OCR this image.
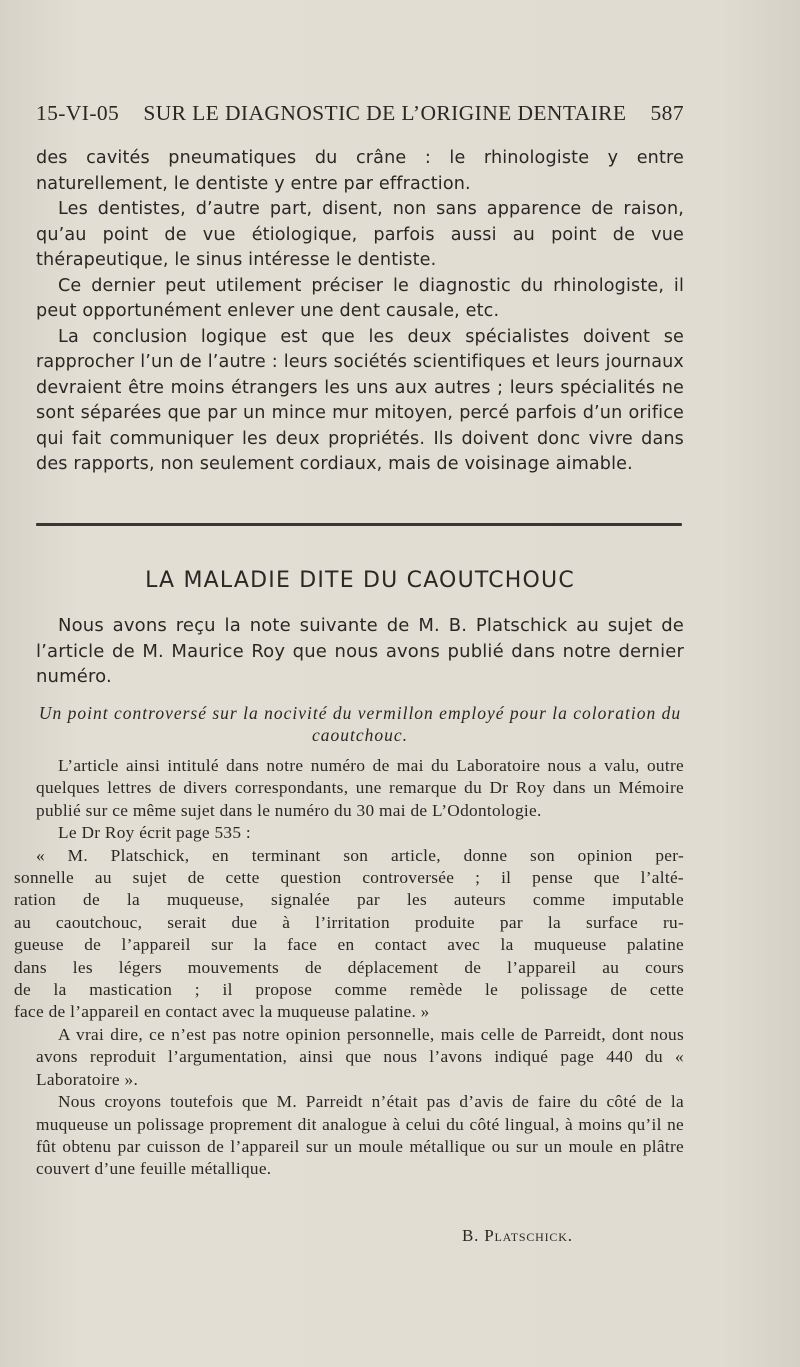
15-VI-05 SUR LE DIAGNOSTIC DE L’ORIGINE DENTAIRE 587

des cavités pneumatiques du crâne : le rhinologiste y entre naturellement, le dentiste y entre par effraction.

Les dentistes, d’autre part, disent, non sans apparence de raison, qu’au point de vue étiologique, parfois aussi au point de vue thérapeutique, le sinus intéresse le dentiste.

Ce dernier peut utilement préciser le diagnostic du rhinologiste, il peut opportunément enlever une dent causale, etc.

La conclusion logique est que les deux spécialistes doivent se rapprocher l’un de l’autre : leurs sociétés scientifiques et leurs journaux devraient être moins étrangers les uns aux autres ; leurs spécialités ne sont séparées que par un mince mur mitoyen, percé parfois d’un orifice qui fait communiquer les deux propriétés. Ils doivent donc vivre dans des rapports, non seulement cordiaux, mais de voisinage aimable.

LA MALADIE DITE DU CAOUTCHOUC

Nous avons reçu la note suivante de M. B. Platschick au sujet de l’article de M. Maurice Roy que nous avons publié dans notre dernier numéro.

Un point controversé sur la nocivité du vermillon employé pour la coloration du caoutchouc.

L’article ainsi intitulé dans notre numéro de mai du Laboratoire nous a valu, outre quelques lettres de divers correspondants, une remarque du Dr Roy dans un Mémoire publié sur ce même sujet dans le numéro du 30 mai de L’Odontologie.

Le Dr Roy écrit page 535 :

« M. Platschick, en terminant son article, donne son opinion per-
» sonnelle au sujet de cette question controversée ; il pense que l’alté-
» ration de la muqueuse, signalée par les auteurs comme imputable
» au caoutchouc, serait due à l’irritation produite par la surface ru-
» gueuse de l’appareil sur la face en contact avec la muqueuse palatine
» dans les légers mouvements de déplacement de l’appareil au cours
» de la mastication ; il propose comme remède le polissage de cette
» face de l’appareil en contact avec la muqueuse palatine. »

A vrai dire, ce n’est pas notre opinion personnelle, mais celle de Parreidt, dont nous avons reproduit l’argumentation, ainsi que nous l’avons indiqué page 440 du « Laboratoire ».

Nous croyons toutefois que M. Parreidt n’était pas d’avis de faire du côté de la muqueuse un polissage proprement dit analogue à celui du côté lingual, à moins qu’il ne fût obtenu par cuisson de l’appareil sur un moule métallique ou sur un moule en plâtre couvert d’une feuille métallique.

B. Platschick.
